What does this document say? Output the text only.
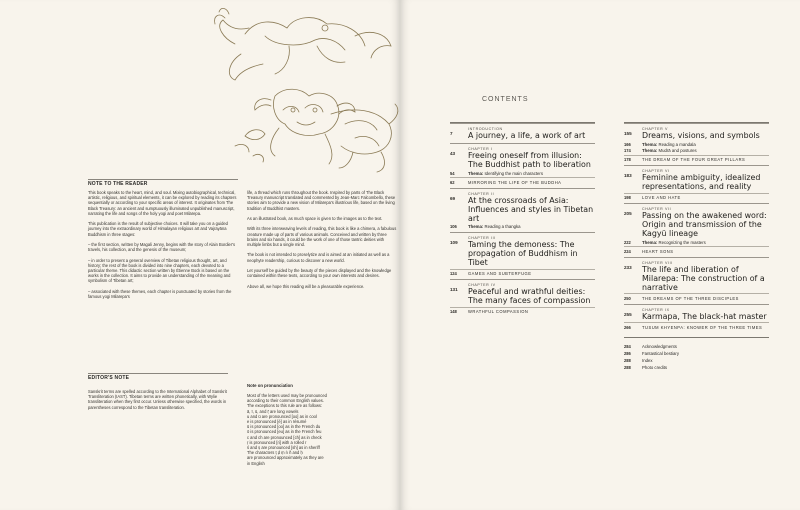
NOTE TO THE READER

This book speaks to the heart, mind, and soul. Mixing autobiographical, technical, artistic, religious, and spiritual elements, it can be explored by reading its chapters sequentially or according to your specific areas of interest. It originates from The Black Treasury: an ancient and sumptuously illuminated unpublished manuscript, narrating the life and songs of the holy yogi and poet Milarepa.

This publication is the result of subjective choices. It will take you on a guided journey into the extraordinary world of Himalayan religious art and Vajrayāna Buddhism in three stages:

– the first section, written by Magali Jenny, begins with the story of Alain Bordier's travels, his collection, and the genesis of the museum;

– in order to present a general overview of Tibetan religious thought, art, and history; the rest of the book is divided into nine chapters, each devoted to a particular theme. This didactic section written by Étienne Bock is based on the works in the collection. It aims to provide an understanding of the meaning and symbolism of Tibetan art;

– associated with these themes, each chapter is punctuated by stories from the famous yogi Milarepa's

life, a thread which runs throughout the book. Inspired by parts of The Black Treasury manuscript translated and commented by Jean-Marc Falcombello, these stories aim to provide a new vision of Milarepa's illustrious life, based on the living tradition of Buddhist masters.

As an illustrated book, as much space is given to the images as to the text.

With its three interweaving levels of reading, this book is like a chimera, a fabulous creature made up of parts of various animals. Conceived and written by three brains and six hands, it could be the work of one of those tantric deities with multiple limbs but a single mind.

The book is not intended to proselytize and is aimed at an initiated as well as a neophyte readership, curious to discover a new world.

Let yourself be guided by the beauty of the pieces displayed and the knowledge contained within these texts, according to your own interests and desires.

Above all, we hope this reading will be a pleasurable experience.

EDITOR'S NOTE
Note on pronunciation
Sanskrit terms are spelled according to the International Alphabet of Sanskrit Transliteration (IAST). Tibetan terms are written phonetically, with Wylie transliteration when they first occur. Unless otherwise specified, the words in parentheses correspond to the Tibetan transliteration.
Most of the letters used may be pronounced
according to their common English values.
The exceptions to this rule are as follows:
ā, ī, ū, and ṝ are long vowels
u and ū are pronounced [oo] as in cool
e is pronounced [é] as in résumé
ū is pronounced [oo] as in the French du
ö is pronounced [eu] as in the French feu
c and ch are pronounced [ch] as in check
ṛ is pronounced [ri] with a rolled r
ś and ṣ are pronounced [sh] as in sheriff
The characters ṭ ḍ ṃ ṅ ñ and ḥ
are pronounced approximately as they are
in English
CONTENTS
INTRODUCTION
7	A journey, a life, a work of art
CHAPTER I
43	Freeing oneself from illusion: The Buddhist path to liberation
54	Thema: Identifying the main characters
62	MIRRORING THE LIFE OF THE BUDDHA
CHAPTER II
69	At the crossroads of Asia: Influences and styles in Tibetan art
106	Thema: Reading a thangka
CHAPTER III
109	Taming the demoness: The propagation of Buddhism in Tibet
124	GAMES AND SUBTERFUGE
CHAPTER IV
131	Peaceful and wrathful deities: The many faces of compassion
148	WRATHFUL COMPASSION
CHAPTER V
155	Dreams, visions, and symbols
166	Thema: Reading a mandala
174	Thema: Mudrā and postures
178	THE DREAM OF THE FOUR GREAT PILLARS
CHAPTER VI
183	Feminine ambiguity, idealized representations, and reality
198	LOVE AND HATE
CHAPTER VII
205	Passing on the awakened word: Origin and transmission of the Kagyü lineage
222	Thema: Recognizing the masters
224	HEART SONS
CHAPTER VIII
233	The life and liberation of Milarepa: The construction of a narrative
250	THE DREAMS OF THE THREE DISCIPLES
CHAPTER IX
255	Karmapa, The black-hat master
266	TUSUM KHYENPA: KNOWER OF THE THREE TIMES
284	Acknowledgments
286	Fantastical bestiary
288	Index
288	Photo credits
